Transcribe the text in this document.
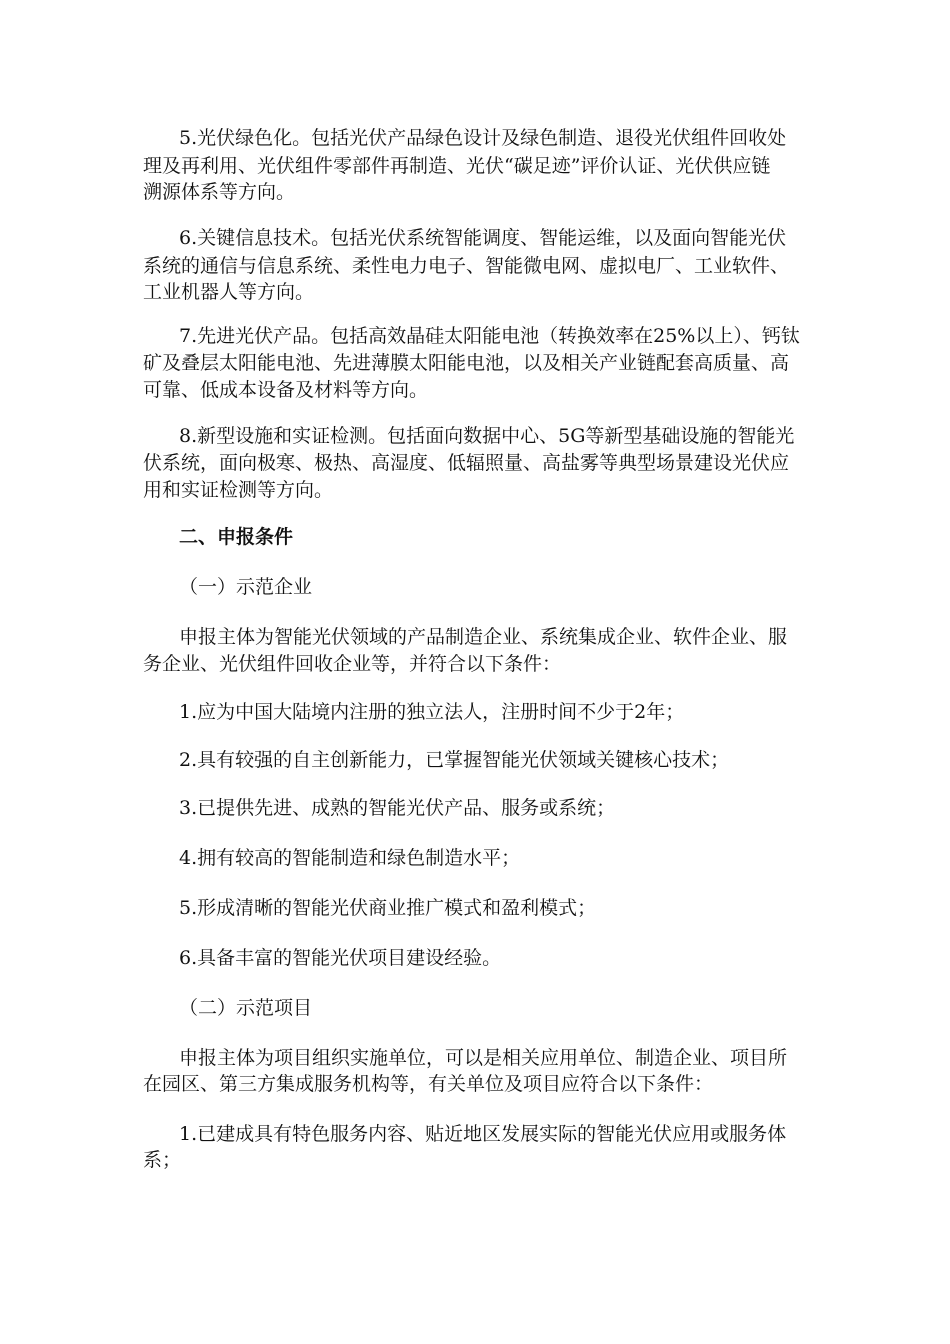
5.光伏绿色化。包括光伏产品绿色设计及绿色制造、退役光伏组件回收处
理及再利用、光伏组件零部件再制造、光伏“碳足迹”评价认证、光伏供应链
溯源体系等方向。
6.关键信息技术。包括光伏系统智能调度、智能运维，以及面向智能光伏
系统的通信与信息系统、柔性电力电子、智能微电网、虚拟电厂、工业软件、
工业机器人等方向。
7.先进光伏产品。包括高效晶硅太阳能电池（转换效率在25%以上）、钙钛
矿及叠层太阳能电池、先进薄膜太阳能电池，以及相关产业链配套高质量、高
可靠、低成本设备及材料等方向。
8.新型设施和实证检测。包括面向数据中心、5G等新型基础设施的智能光
伏系统，面向极寒、极热、高湿度、低辐照量、高盐雾等典型场景建设光伏应
用和实证检测等方向。
二、申报条件
（一）示范企业
申报主体为智能光伏领域的产品制造企业、系统集成企业、软件企业、服
务企业、光伏组件回收企业等，并符合以下条件：
1.应为中国大陆境内注册的独立法人，注册时间不少于2年；
2.具有较强的自主创新能力，已掌握智能光伏领域关键核心技术；
3.已提供先进、成熟的智能光伏产品、服务或系统；
4.拥有较高的智能制造和绿色制造水平；
5.形成清晰的智能光伏商业推广模式和盈利模式；
6.具备丰富的智能光伏项目建设经验。
（二）示范项目
申报主体为项目组织实施单位，可以是相关应用单位、制造企业、项目所
在园区、第三方集成服务机构等，有关单位及项目应符合以下条件：
1.已建成具有特色服务内容、贴近地区发展实际的智能光伏应用或服务体
系；
